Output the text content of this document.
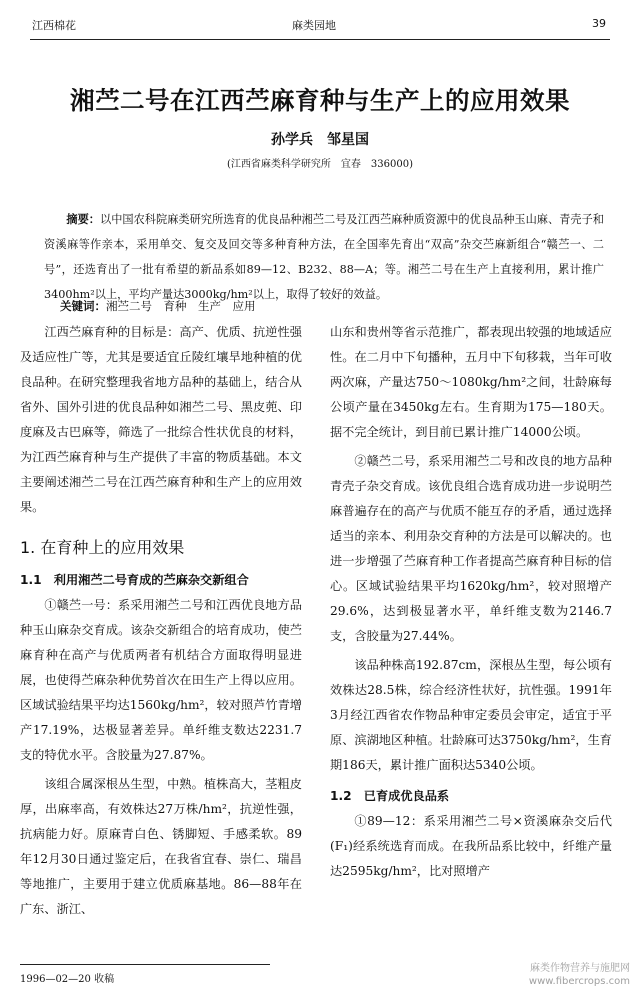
江西棉花	麻类园地	39
湘苎二号在江西苎麻育种与生产上的应用效果
孙学兵　邹星国
(江西省麻类科学研究所　宜春　336000)
摘要：以中国农科院麻类研究所选育的优良品种湘苎二号及江西苎麻种质资源中的优良品种玉山麻、青壳子和资溪麻等作亲本，采用单交、复交及回交等多种育种方法，在全国率先育出“双高”杂交苎麻新组合“赣苎一、二号”，还选育出了一批有希望的新品系如89—12、B232、88—A；等。湘苎二号在生产上直接利用，累计推广3400hm²以上，平均产量达3000kg/hm²以上，取得了较好的效益。
关键词：湘苎二号　育种　生产　应用

江西苎麻育种的目标是：高产、优质、抗逆性强及适应性广等，尤其是要适宜丘陵红壤旱地种植的优良品种。在研究整理我省地方品种的基础上，结合从省外、国外引进的优良品种如湘苎二号、黑皮蔸、印度麻及古巴麻等，筛选了一批综合性状优良的材料，为江西苎麻育种与生产提供了丰富的物质基础。本文主要阐述湘苎二号在江西苎麻育种和生产上的应用效果。

1. 在育种上的应用效果
1.1　利用湘苎二号育成的苎麻杂交新组合

①赣苎一号：系采用湘苎二号和江西优良地方品种玉山麻杂交育成。该杂交新组合的培育成功，使苎麻育种在高产与优质两者有机结合方面取得明显进展，也使得苎麻杂种优势首次在田生产上得以应用。区域试验结果平均达1560kg/hm²，较对照芦竹青增产17.19%，达极显著差异。单纤维支数达2231.7支的特优水平。含胶量为27.87%。

该组合属深根丛生型，中熟。植株高大，茎粗皮厚，出麻率高，有效株达27万株/hm²，抗逆性强，抗病能力好。原麻青白色、锈脚短、手感柔软。89年12月30日通过鉴定后，在我省宜春、崇仁、瑞昌等地推广，主要用于建立优质麻基地。86—88年在广东、浙江、

山东和贵州等省示范推广，都表现出较强的地域适应性。在二月中下旬播种，五月中下旬移栽，当年可收两次麻，产量达750～1080kg/hm²之间，壮龄麻每公顷产量在3450kg左右。生育期为175—180天。据不完全统计，到目前已累计推广14000公顷。

②赣苎二号，系采用湘苎二号和改良的地方品种青壳子杂交育成。该优良组合选育成功进一步说明苎麻普遍存在的高产与优质不能互存的矛盾，通过选择适当的亲本、利用杂交育种的方法是可以解决的。也进一步增强了苎麻育种工作者提高苎麻育种目标的信心。区域试验结果平均1620kg/hm²，较对照增产29.6%，达到极显著水平，单纤维支数为2146.7支，含胶量为27.44%。

该品种株高192.87cm，深根丛生型，每公顷有效株达28.5株，综合经济性状好，抗性强。1991年3月经江西省农作物品种审定委员会审定，适宜于平原、滨湖地区种植。壮龄麻可达3750kg/hm²，生育期186天，累计推广面积达5340公顷。

1.2　已育成优良品系

①89—12：系采用湘苎二号×资溪麻杂交后代(F₁)经系统选育而成。在我所品系比较中，纤维产量达2595kg/hm²，比对照增产

1996—02—20 收稿
麻类作物营养与施肥网
www.fibercrops.com
